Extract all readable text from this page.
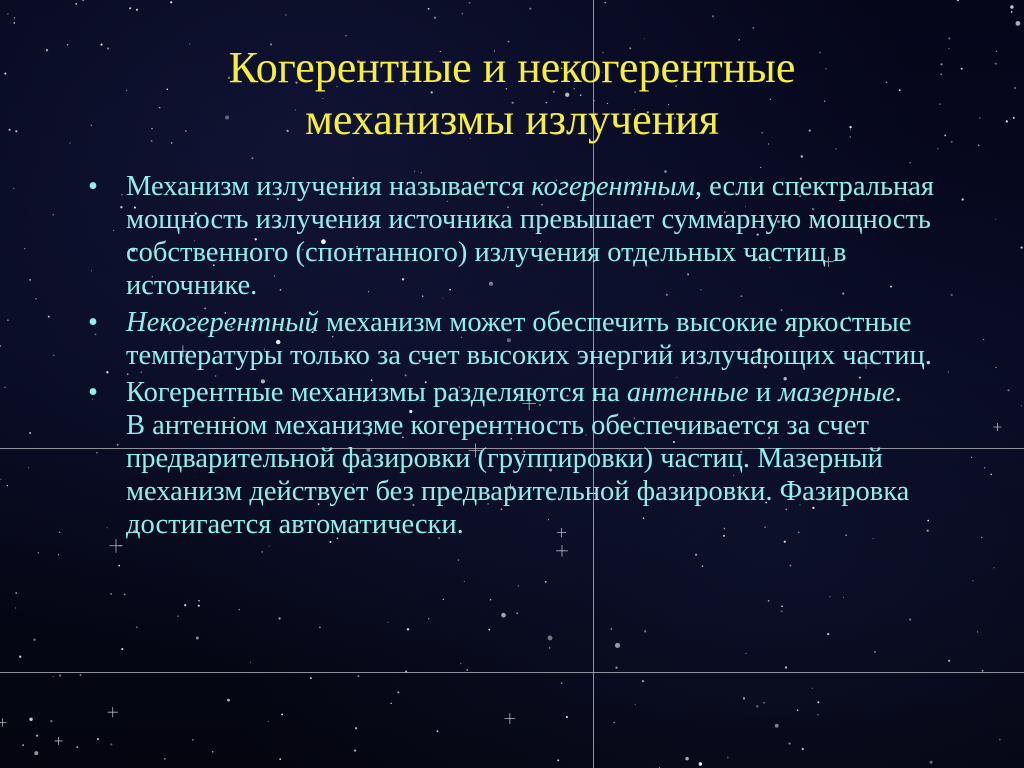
Когерентные и некогерентные
механизмы излучения
• Механизм излучения называется когерентным, если спектральная мощность излучения источника превышает суммарную мощность собственного (спонтанного) излучения отдельных частиц в источнике.
• Некогерентный механизм может обеспечить высокие яркостные температуры только за счет высоких энергий излучающих частиц.
• Когерентные механизмы разделяются на антенные и мазерные.
В антенном механизме когерентность обеспечивается за счет предварительной фазировки (группировки) частиц. Мазерный механизм действует без предварительной фазировки. Фазировка достигается автоматически.
